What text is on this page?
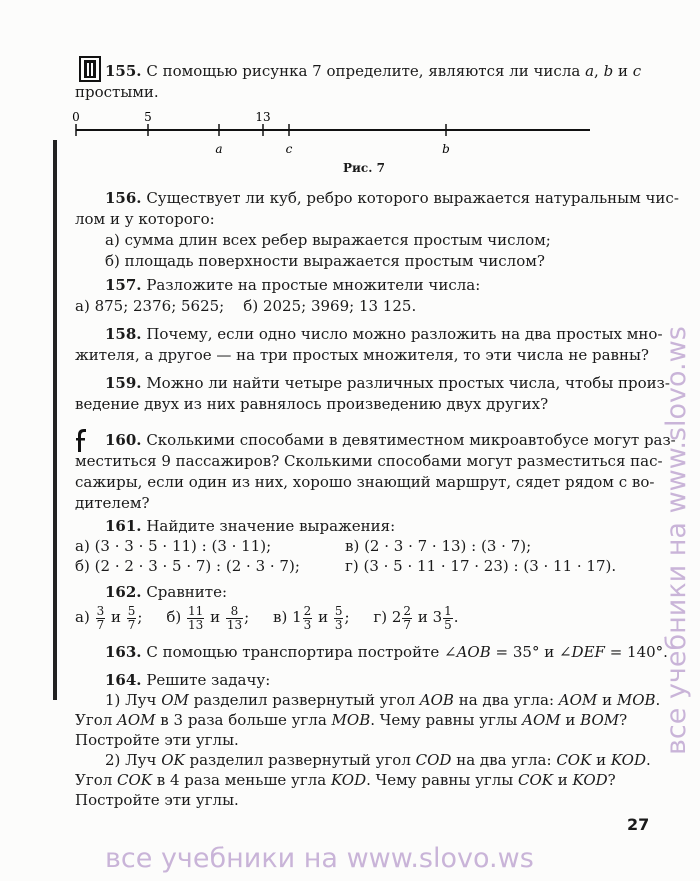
155. С помощью рисунка 7 определите, являются ли числа a, b и c
простыми.
0	5	13
a	c	b
Рис. 7
156. Существует ли куб, ребро которого выражается натуральным чис-
лом и у которого:
а) сумма длин всех ребер выражается простым числом;
б) площадь поверхности выражается простым числом?
157. Разложите на простые множители числа:
а) 875; 2376; 5625;    б) 2025; 3969; 13 125.
158. Почему, если одно число можно разложить на два простых мно-
жителя, а другое — на три простых множителя, то эти числа не равны?
159. Можно ли найти четыре различных простых числа, чтобы произ-
ведение двух из них равнялось произведению двух других?
160. Сколькими способами в девятиместном микроавтобусе могут раз-
меститься 9 пассажиров? Сколькими способами могут разместиться пас-
сажиры, если один из них, хорошо знающий маршрут, сядет рядом с во-
дителем?
161. Найдите значение выражения:
а) (3 · 3 · 5 · 11) : (3 · 11);
б) (2 · 2 · 3 · 5 · 7) : (2 · 3 · 7);
в) (2 · 3 · 7 · 13) : (3 · 7);
г) (3 · 5 · 11 · 17 · 23) : (3 · 11 · 17).
162. Сравните:
$а) \frac{3}{7}$ и $\frac{5}{7}$ ; $б) \frac{11}{13}$ и $\frac{8}{13}$ ; в) $1 \frac{2}{3}$ и $\frac{5}{3}$ ; г) $2 \frac{2}{7}$ и $3 \frac{1}{5}$ .
163. С помощью транспортира постройте ∠AOB = 35° и ∠DEF = 140°.
164. Решите задачу:
1) Луч OM разделил развернутый угол AOB на два угла: AOM и MOB.
Угол AOM в 3 раза больше угла MOB. Чему равны углы AOM и BOM?
Постройте эти углы.
2) Луч OK разделил развернутый угол COD на два угла: COK и KOD.
Угол COK в 4 раза меньше угла KOD. Чему равны углы COK и KOD?
Постройте эти углы.
27
все учебники на www.slovo.ws
все учебники на www.slovo.ws
